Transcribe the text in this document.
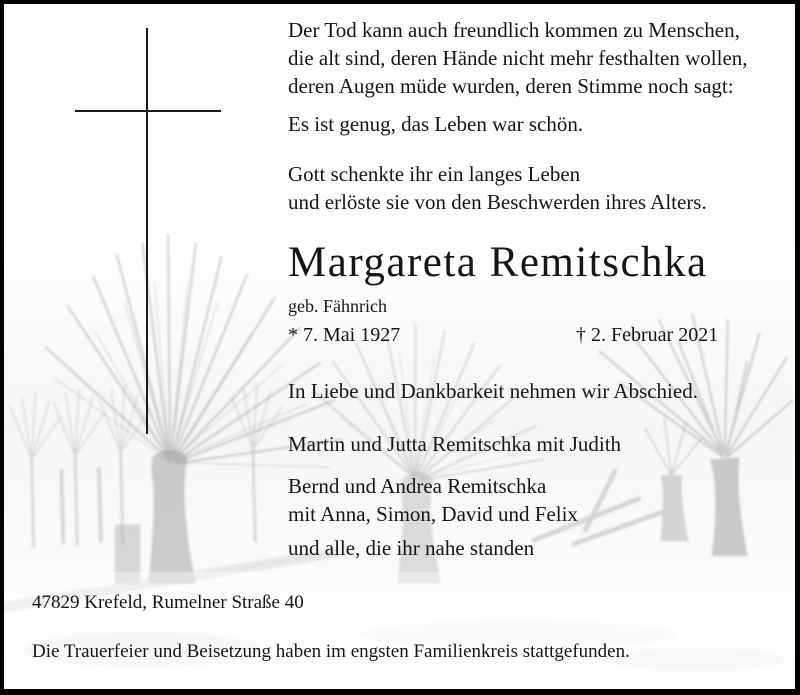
Der Tod kann auch freundlich kommen zu Menschen,
die alt sind, deren Hände nicht mehr festhalten wollen,
deren Augen müde wurden, deren Stimme noch sagt:

Es ist genug, das Leben war schön.

Gott schenkte ihr ein langes Leben
und erlöste sie von den Beschwerden ihres Alters.

Margareta Remitschka

geb. Fähnrich

* 7. Mai 1927	† 2. Februar 2021

In Liebe und Dankbarkeit nehmen wir Abschied.

Martin und Jutta Remitschka mit Judith

Bernd und Andrea Remitschka
mit Anna, Simon, David und Felix

und alle, die ihr nahe standen

47829 Krefeld, Rumelner Straße 40

Die Trauerfeier und Beisetzung haben im engsten Familienkreis stattgefunden.
